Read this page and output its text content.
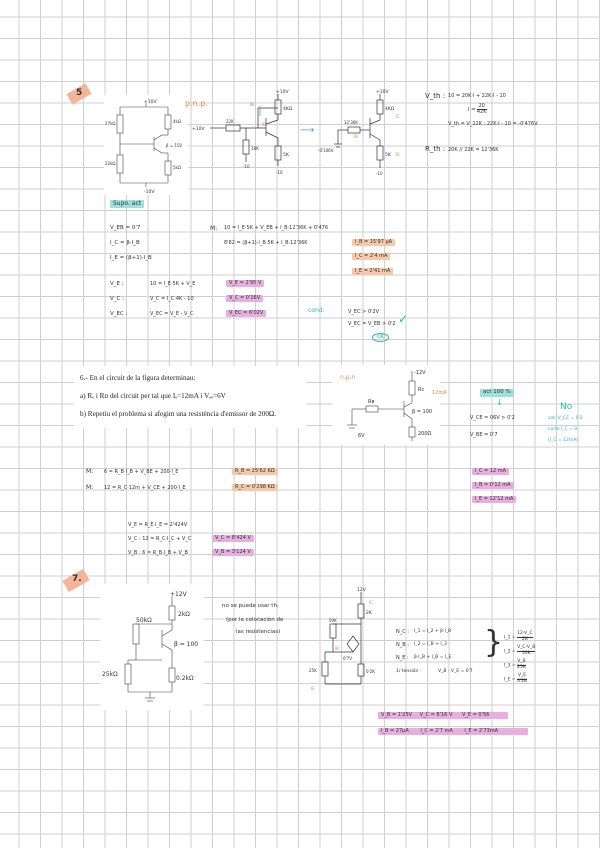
5
+10V
-10V
27kΩ	4kΩ
22kΩ
5kΩ
β = 150
p.n.p.
+10V
4KΩ
22K
18K
5K
-10
-10
+10V
IB
IE
⟶
+10V
4KΩ
12'36K
-0'106V
5K
-10
IB
IC
IE
V_th : 10 = 20K·I + 22K·I - 10
$I = \frac{20}{42K}$
V_th = V_22K : 22K·I - 10 = -0'476V
R_th : 20K // 22K = 12'36K
Supo. act
V_EB = 0'7
I_C = β·I_B
I_E = (β+1)·I_B
M: 10 = I_E·5K + V_EB + I_B·12'36K + 0'476
8'82 = (β+1)·I_B·5K + I_B·12'36K	I_B = 15'97 μA
I_C = 2'4 mA
I_E = 2'41 mA
V_E :	10 = I_E·5K + V_E	V_E = 2'95 V
V_C :	V_C = I_C·4K - 10	V_C = 0'16V
V_EC :	V_EC = V_E - V_C	V_EC = 6'02V	cond.	V_EC > 0'2V
V_EC = V_EB > 0'2 ✓
OK

6.- En el circuit de la figura determinau:

a) Rₑ i Rᴅ del circuit per tal que Iₑ=12mA i Vₑₑ=6V

b) Repetiu el problema si afegim una resistència d'emissor de 200Ω.

-12V
Rᴄ
Rʙ
6V
β = 100
200Ω
n.p.n
12mA	act 100 %
↓
V_CE = 06V > 0'2
V_BE = 0'7
No
sat. V_CE = 0'2
corte I_C = 0
(I_C = 12mA)
M: 6 = R_B·I_B + V_BE + 200·I_E	R_B = 25'62 KΩ
M: 12 = R_C·12m + V_CE + 200·I_E	R_C = 0'298 KΩ
I_C = 12 mA
I_B = 0'12 mA
I_E = 12'12 mA
V_E = R_E·I_E = 2'424V
V_C : 12 = R_C·I_C + V_C	V_C = 8'424 V
V_B : 6 = R_B·I_B + V_B	V_B = 3'124 V
7.
+12V
2kΩ
50kΩ
25kΩ
β = 100
0.2kΩ
no se puede usar th.
(por la colocación de
las resistencias)
12V
2K
50K
25K	0'2K
0'7V
IC
IB
IE
N_C : I_1 = I_2 + β·I_B
N_B : I_2 = I_B + I_3
N_E : β·I_B + I_B = I_E
1/ tensión :	V_B - V_E = 0'7
} I_1 = $\frac{12-V\_C}{2K}$
I_2 = $\frac{V\_C-V\_B}{50K}$
I_3 = $\frac{V\_B}{25K}$
I_E = $\frac{V\_E}{0'2K}$
V_B = 1'25V V_C = 8'16 V V_E = 0'56
I_B = 27μA I_C = 2'7 mA I_E = 2'73mA
